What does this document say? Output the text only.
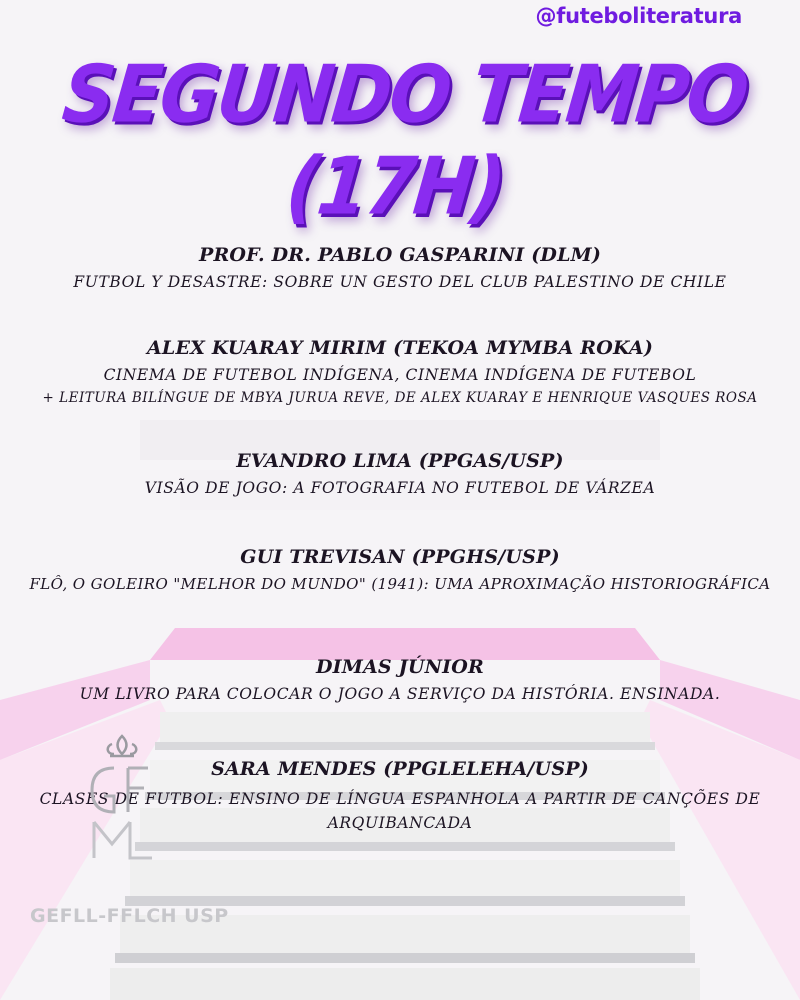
@futeboliteratura
SEGUNDO TEMPO (17H)
PROF. DR. PABLO GASPARINI (DLM)
FUTBOL Y DESASTRE: SOBRE UN GESTO DEL CLUB PALESTINO DE CHILE
ALEX KUARAY MIRIM (TEKOA MYMBA ROKA)
CINEMA DE FUTEBOL INDÍGENA, CINEMA INDÍGENA DE FUTEBOL
+ LEITURA BILÍNGUE DE MBYA JURUA REVE, DE ALEX KUARAY E HENRIQUE VASQUES ROSA
EVANDRO LIMA (PPGAS/USP)
VISÃO DE JOGO: A FOTOGRAFIA NO FUTEBOL DE VÁRZEA
GUI TREVISAN (PPGHS/USP)
FLÔ, O GOLEIRO "MELHOR DO MUNDO" (1941): UMA APROXIMAÇÃO HISTORIOGRÁFICA
DIMAS JÚNIOR
UM LIVRO PARA COLOCAR O JOGO A SERVIÇO DA HISTÓRIA. ENSINADA.
SARA MENDES (PPGLELEHA/USP)
CLASES DE FUTBOL: ENSINO DE LÍNGUA ESPANHOLA A PARTIR DE CANÇÕES DE ARQUIBANCADA
GEFLL-FFLCH USP
